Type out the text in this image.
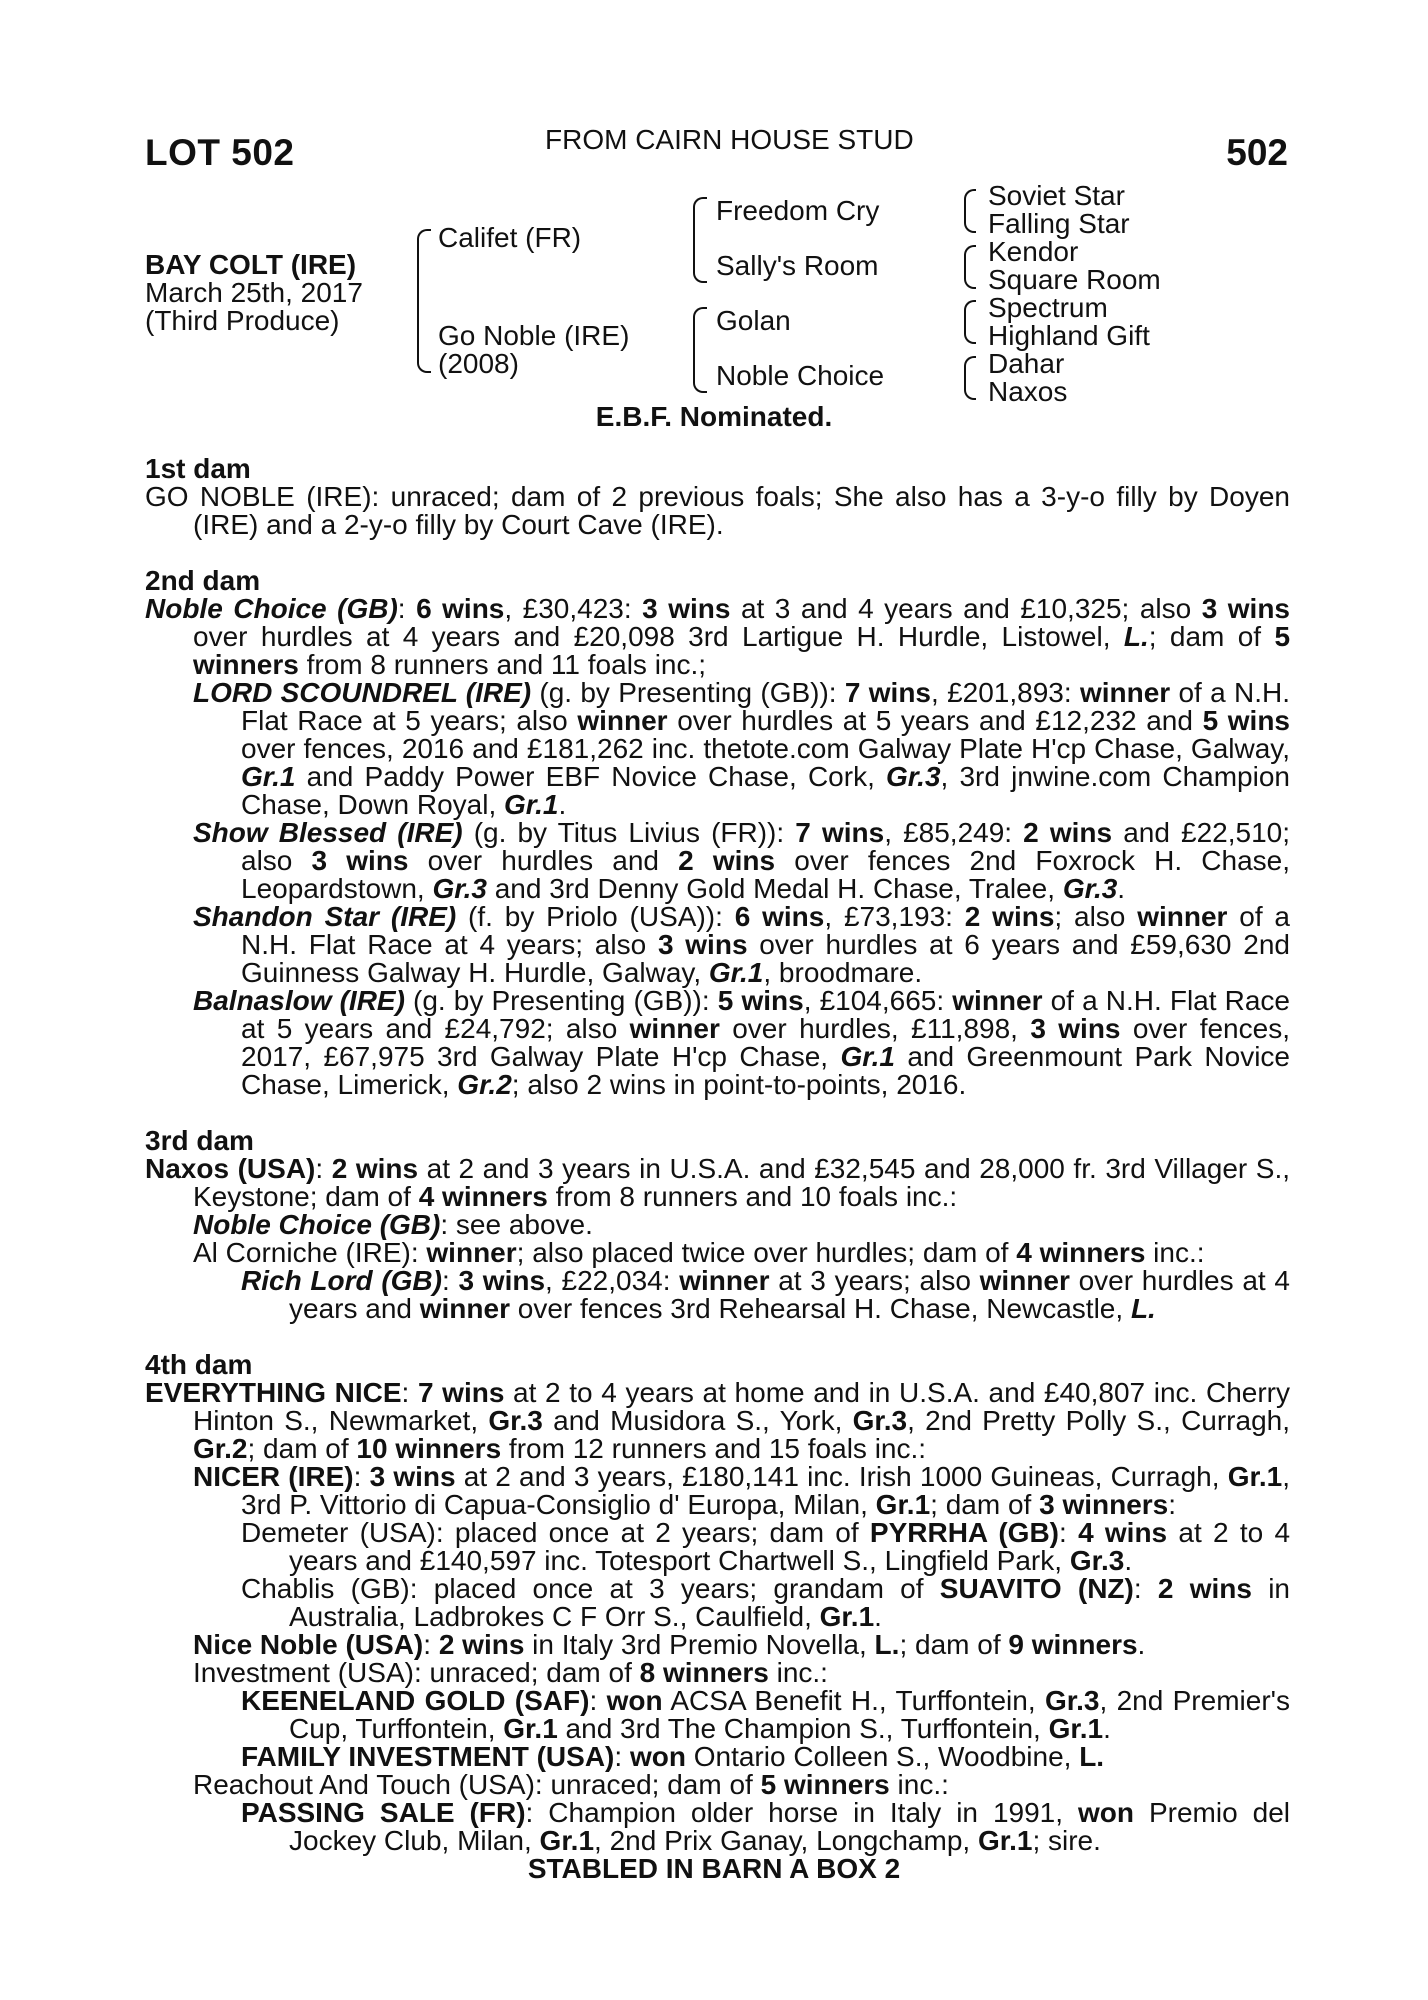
LOT 502	FROM CAIRN HOUSE STUD	502
BAY COLT (IRE)
March 25th, 2017
(Third Produce)
Califet (FR)
Go Noble (IRE)
(2008)
Freedom Cry
Sally's Room
Golan
Noble Choice
Soviet Star
Falling Star
Kendor
Square Room
Spectrum
Highland Gift
Dahar
Naxos
E.B.F. Nominated.
1st dam
GO NOBLE (IRE): unraced; dam of 2 previous foals; She also has a 3-y-o filly by Doyen (IRE) and a 2-y-o filly by Court Cave (IRE).
2nd dam
Noble Choice (GB): 6 wins, £30,423: 3 wins at 3 and 4 years and £10,325; also 3 wins over hurdles at 4 years and £20,098 3rd Lartigue H. Hurdle, Listowel, L.; dam of 5 winners from 8 runners and 11 foals inc.;
LORD SCOUNDREL (IRE) (g. by Presenting (GB)): 7 wins, £201,893: winner of a N.H. Flat Race at 5 years; also winner over hurdles at 5 years and £12,232 and 5 wins over fences, 2016 and £181,262 inc. thetote.com Galway Plate H'cp Chase, Galway, Gr.1 and Paddy Power EBF Novice Chase, Cork, Gr.3, 3rd jnwine.com Champion Chase, Down Royal, Gr.1.
Show Blessed (IRE) (g. by Titus Livius (FR)): 7 wins, £85,249: 2 wins and £22,510; also 3 wins over hurdles and 2 wins over fences 2nd Foxrock H. Chase, Leopardstown, Gr.3 and 3rd Denny Gold Medal H. Chase, Tralee, Gr.3.
Shandon Star (IRE) (f. by Priolo (USA)): 6 wins, £73,193: 2 wins; also winner of a N.H. Flat Race at 4 years; also 3 wins over hurdles at 6 years and £59,630 2nd Guinness Galway H. Hurdle, Galway, Gr.1, broodmare.
Balnaslow (IRE) (g. by Presenting (GB)): 5 wins, £104,665: winner of a N.H. Flat Race at 5 years and £24,792; also winner over hurdles, £11,898, 3 wins over fences, 2017, £67,975 3rd Galway Plate H'cp Chase, Gr.1 and Greenmount Park Novice Chase, Limerick, Gr.2; also 2 wins in point-to-points, 2016.
3rd dam
Naxos (USA): 2 wins at 2 and 3 years in U.S.A. and £32,545 and 28,000 fr. 3rd Villager S., Keystone; dam of 4 winners from 8 runners and 10 foals inc.:
Noble Choice (GB): see above.
Al Corniche (IRE): winner; also placed twice over hurdles; dam of 4 winners inc.:
Rich Lord (GB): 3 wins, £22,034: winner at 3 years; also winner over hurdles at 4 years and winner over fences 3rd Rehearsal H. Chase, Newcastle, L.
4th dam
EVERYTHING NICE: 7 wins at 2 to 4 years at home and in U.S.A. and £40,807 inc. Cherry Hinton S., Newmarket, Gr.3 and Musidora S., York, Gr.3, 2nd Pretty Polly S., Curragh, Gr.2; dam of 10 winners from 12 runners and 15 foals inc.:
NICER (IRE): 3 wins at 2 and 3 years, £180,141 inc. Irish 1000 Guineas, Curragh, Gr.1, 3rd P. Vittorio di Capua-Consiglio d' Europa, Milan, Gr.1; dam of 3 winners:
Demeter (USA): placed once at 2 years; dam of PYRRHA (GB): 4 wins at 2 to 4 years and £140,597 inc. Totesport Chartwell S., Lingfield Park, Gr.3.
Chablis (GB): placed once at 3 years; grandam of SUAVITO (NZ): 2 wins in Australia, Ladbrokes C F Orr S., Caulfield, Gr.1.
Nice Noble (USA): 2 wins in Italy 3rd Premio Novella, L.; dam of 9 winners.
Investment (USA): unraced; dam of 8 winners inc.:
KEENELAND GOLD (SAF): won ACSA Benefit H., Turffontein, Gr.3, 2nd Premier's Cup, Turffontein, Gr.1 and 3rd The Champion S., Turffontein, Gr.1.
FAMILY INVESTMENT (USA): won Ontario Colleen S., Woodbine, L.
Reachout And Touch (USA): unraced; dam of 5 winners inc.:
PASSING SALE (FR): Champion older horse in Italy in 1991, won Premio del Jockey Club, Milan, Gr.1, 2nd Prix Ganay, Longchamp, Gr.1; sire.
STABLED IN BARN A BOX 2
